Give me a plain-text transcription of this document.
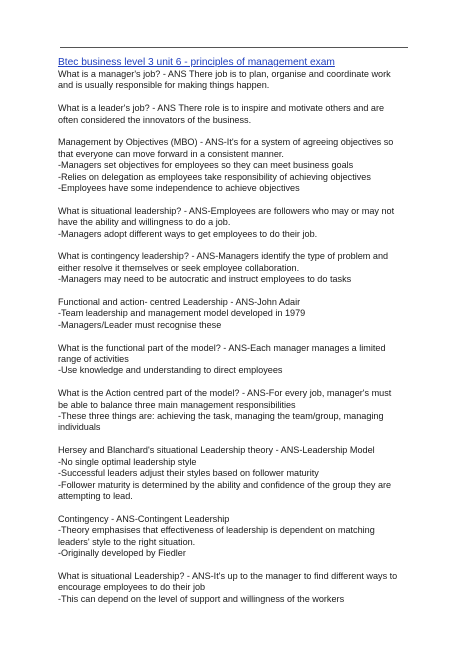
Btec business level 3 unit 6 - principles of management exam
What is a manager's job? - ANS There job is to plan, organise and coordinate work
and is usually responsible for making things happen.
What is a leader's job? - ANS There role is to inspire and motivate others and are
often considered the innovators of the business.
Management by Objectives (MBO) - ANS-It's for a system of agreeing objectives so
that everyone can move forward in a consistent manner.
-Managers set objectives for employees so they can meet business goals
-Relies on delegation as employees take responsibility of achieving objectives
-Employees have some independence to achieve objectives
What is situational leadership? - ANS-Employees are followers who may or may not
have the ability and willingness to do a job.
-Managers adopt different ways to get employees to do their job.
What is contingency leadership? - ANS-Managers identify the type of problem and
either resolve it themselves or seek employee collaboration.
-Managers may need to be autocratic and instruct employees to do tasks
Functional and action- centred Leadership - ANS-John Adair
-Team leadership and management model developed in 1979
-Managers/Leader must recognise these
What is the functional part of the model? - ANS-Each manager manages a limited
range of activities
-Use knowledge and understanding to direct employees
What is the Action centred part of the model? - ANS-For every job, manager's must
be able to balance three main management responsibilities
-These three things are: achieving the task, managing the team/group, managing
individuals
Hersey and Blanchard's situational Leadership theory - ANS-Leadership Model
-No single optimal leadership style
-Successful leaders adjust their styles based on follower maturity
-Follower maturity is determined by the ability and confidence of the group they are
attempting to lead.
Contingency - ANS-Contingent Leadership
-Theory emphasises that effectiveness of leadership is dependent on matching
leaders' style to the right situation.
-Originally developed by Fiedler
What is situational Leadership? - ANS-It's up to the manager to find different ways to
encourage employees to do their job
-This can depend on the level of support and willingness of the workers
